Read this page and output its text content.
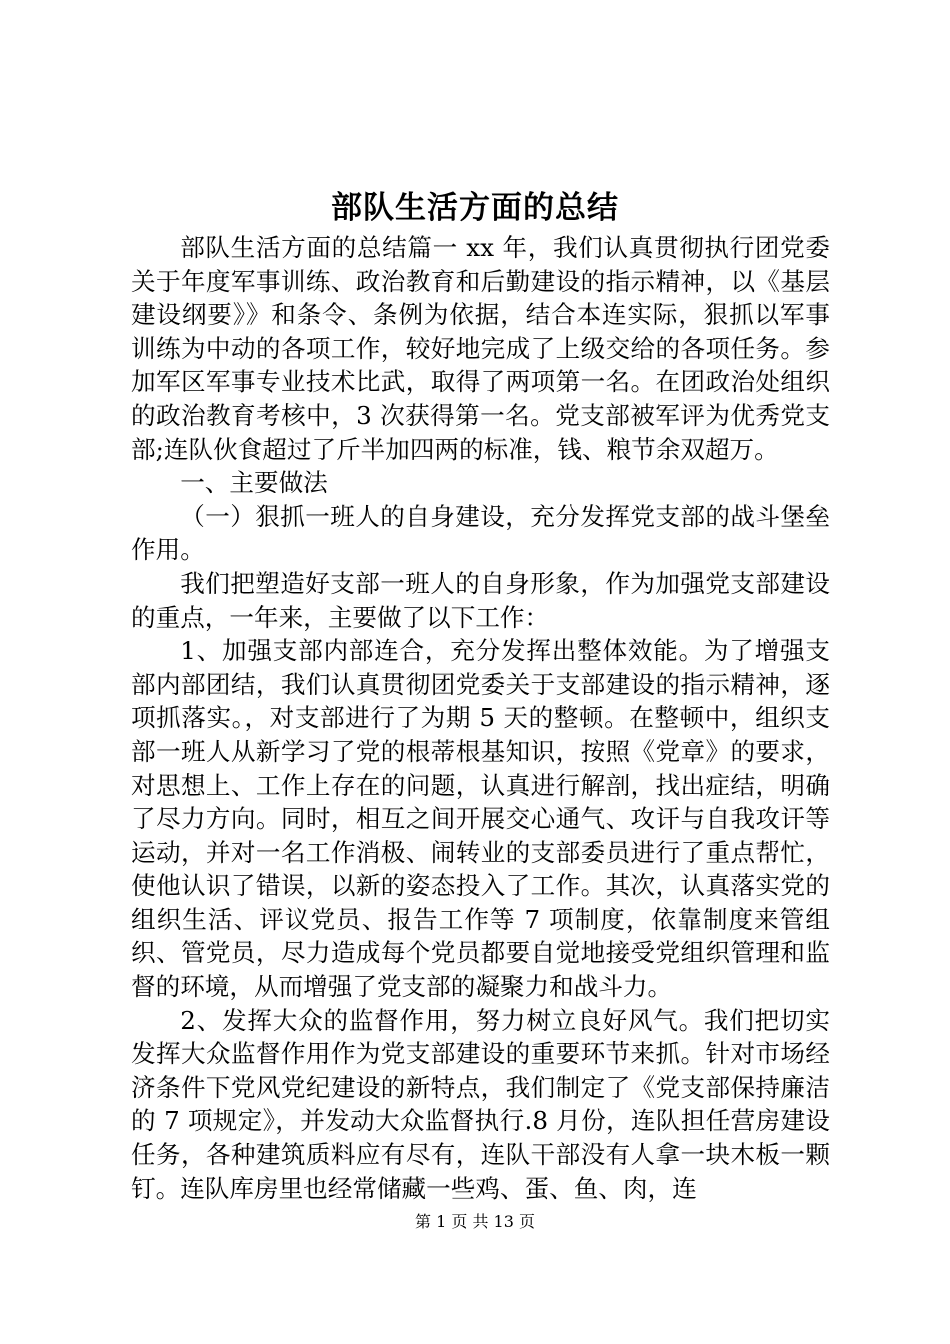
部队生活方面的总结

部队生活方面的总结篇一 xx 年，我们认真贯彻执行团党委关于年度军事训练、政治教育和后勤建设的指示精神，以《基层建设纲要》》和条令、条例为依据，结合本连实际，狠抓以军事训练为中动的各项工作，较好地完成了上级交给的各项任务。参加军区军事专业技术比武，取得了两项第一名。在团政治处组织的政治教育考核中，3 次获得第一名。党支部被军评为优秀党支部;连队伙食超过了斤半加四两的标准，钱、粮节余双超万。

一、主要做法

（一）狠抓一班人的自身建设，充分发挥党支部的战斗堡垒作用。

我们把塑造好支部一班人的自身形象，作为加强党支部建设的重点，一年来，主要做了以下工作：

1、加强支部内部连合，充分发挥出整体效能。为了增强支部内部团结，我们认真贯彻团党委关于支部建设的指示精神，逐项抓落实。，对支部进行了为期 5 天的整顿。在整顿中，组织支部一班人从新学习了党的根蒂根基知识，按照《党章》的要求，对思想上、工作上存在的问题，认真进行解剖，找出症结，明确了尽力方向。同时，相互之间开展交心通气、攻讦与自我攻讦等运动，并对一名工作消极、闹转业的支部委员进行了重点帮忙，使他认识了错误，以新的姿态投入了工作。其次，认真落实党的组织生活、评议党员、报告工作等 7 项制度，依靠制度来管组织、管党员，尽力造成每个党员都要自觉地接受党组织管理和监督的环境，从而增强了党支部的凝聚力和战斗力。

2、发挥大众的监督作用，努力树立良好风气。我们把切实发挥大众监督作用作为党支部建设的重要环节来抓。针对市场经济条件下党风党纪建设的新特点，我们制定了《党支部保持廉洁的 7 项规定》，并发动大众监督执行.8 月份，连队担任营房建设任务，各种建筑质料应有尽有，连队干部没有人拿一块木板一颗钉。连队库房里也经常储藏一些鸡、蛋、鱼、肉，连

第 1 页 共 13 页
